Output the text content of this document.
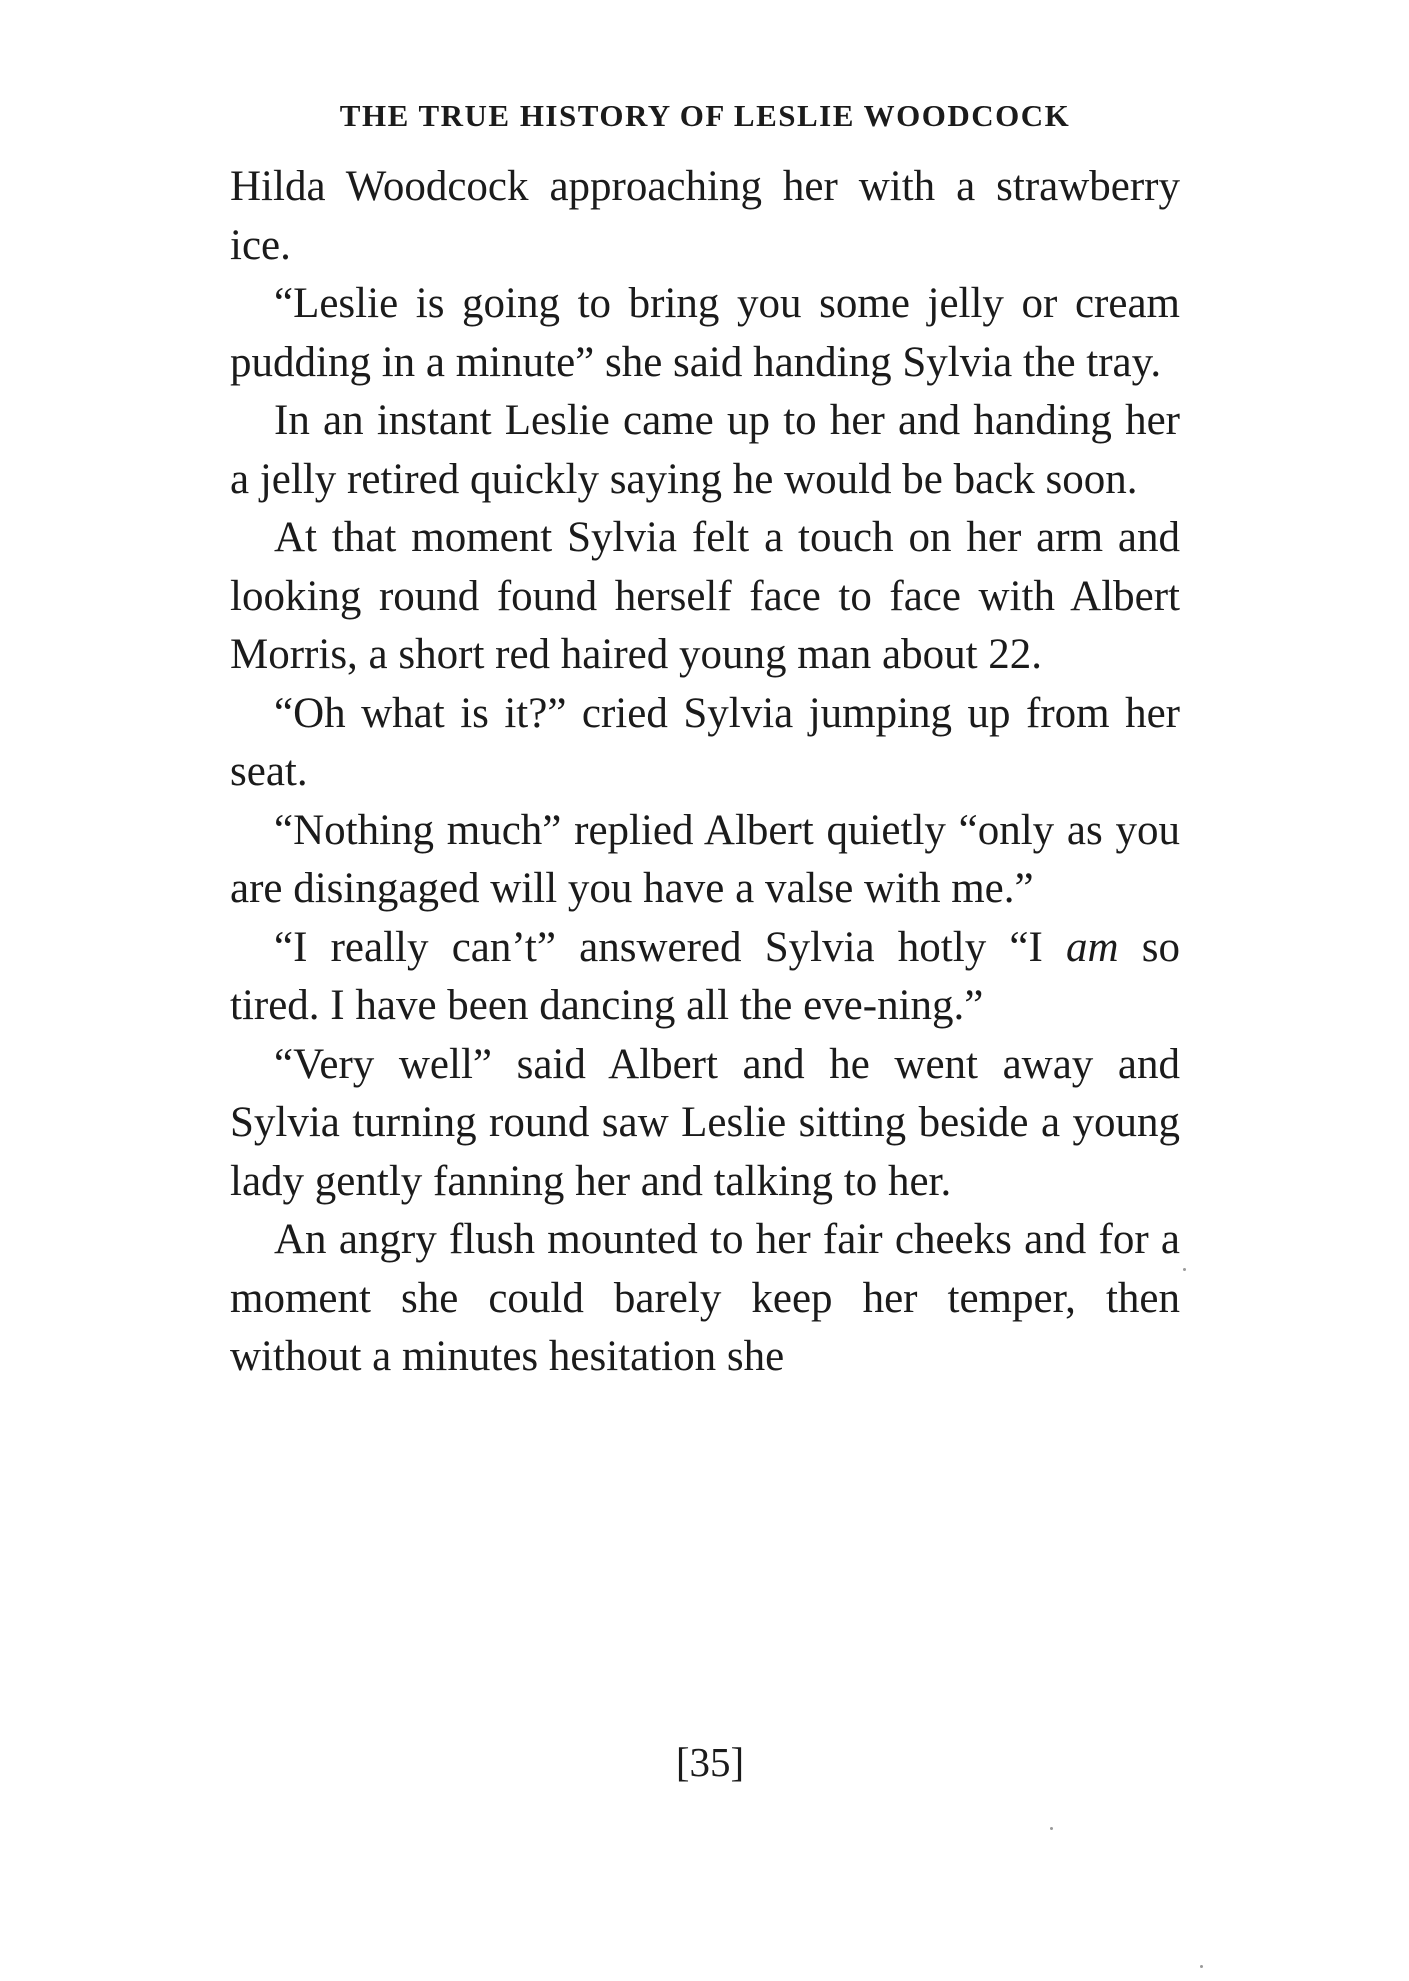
THE TRUE HISTORY OF LESLIE WOODCOCK

Hilda Woodcock approaching her with a strawberry ice.

“Leslie is going to bring you some jelly or cream pudding in a minute” she said handing Sylvia the tray.

In an instant Leslie came up to her and handing her a jelly retired quickly saying he would be back soon.

At that moment Sylvia felt a touch on her arm and looking round found herself face to face with Albert Morris, a short red haired young man about 22.

“Oh what is it?” cried Sylvia jumping up from her seat.

“Nothing much” replied Albert quietly “only as you are disingaged will you have a valse with me.”

“I really can’t” answered Sylvia hotly “I am so tired. I have been dancing all the eve-ning.”

“Very well” said Albert and he went away and Sylvia turning round saw Leslie sitting beside a young lady gently fanning her and talking to her.

An angry flush mounted to her fair cheeks and for a moment she could barely keep her temper, then without a minutes hesitation she

[35]
